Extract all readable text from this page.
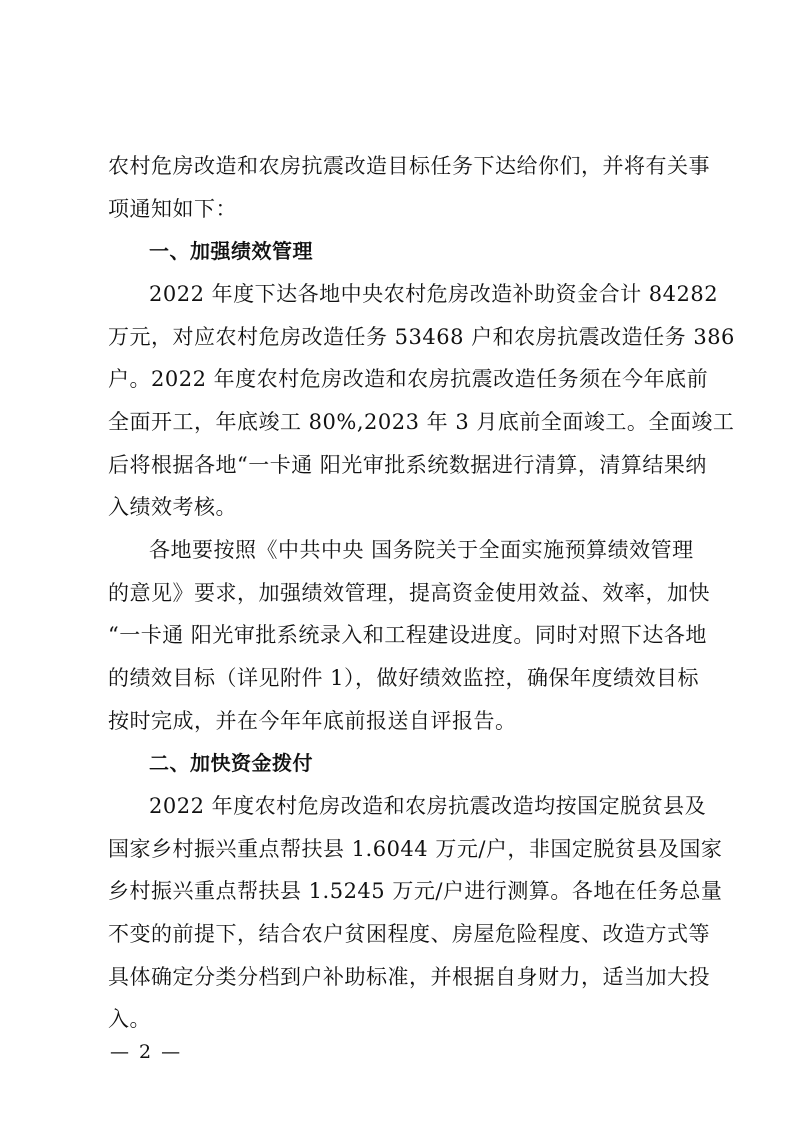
农村危房改造和农房抗震改造目标任务下达给你们，并将有关事
项通知如下：
一、加强绩效管理
2022 年度下达各地中央农村危房改造补助资金合计 84282
万元，对应农村危房改造任务 53468 户和农房抗震改造任务 386
户。2022 年度农村危房改造和农房抗震改造任务须在今年底前
全面开工，年底竣工 80%,2023 年 3 月底前全面竣工。全面竣工
后将根据各地“一卡通 阳光审批系统数据进行清算，清算结果纳
入绩效考核。
各地要按照《中共中央 国务院关于全面实施预算绩效管理
的意见》要求，加强绩效管理，提高资金使用效益、效率，加快
“一卡通 阳光审批系统录入和工程建设进度。同时对照下达各地
的绩效目标（详见附件 1），做好绩效监控，确保年度绩效目标
按时完成，并在今年年底前报送自评报告。
二、加快资金拨付
2022 年度农村危房改造和农房抗震改造均按国定脱贫县及
国家乡村振兴重点帮扶县 1.6044 万元/户，非国定脱贫县及国家
乡村振兴重点帮扶县 1.5245 万元/户进行测算。各地在任务总量
不变的前提下，结合农户贫困程度、房屋危险程度、改造方式等
具体确定分类分档到户补助标准，并根据自身财力，适当加大投
入。
— 2 —
